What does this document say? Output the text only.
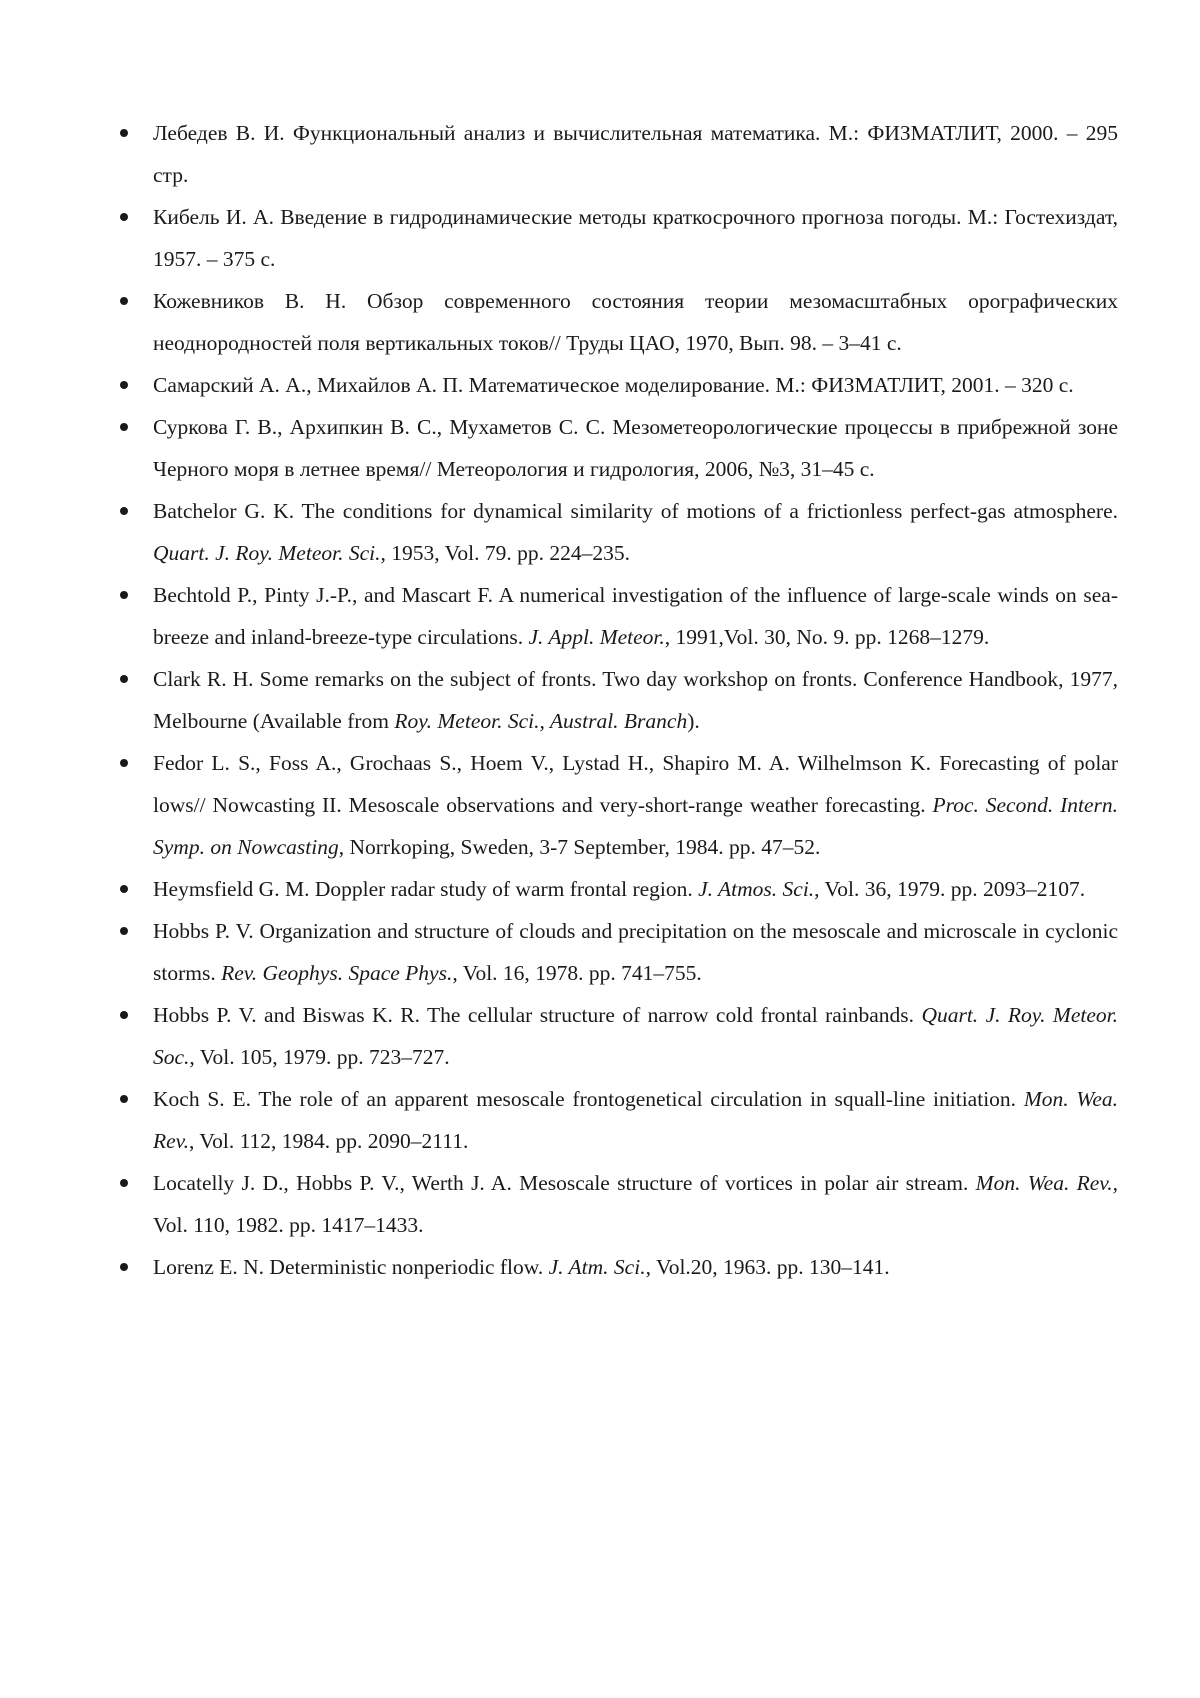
Лебедев В. И. Функциональный анализ и вычислительная математика. М.: ФИЗМАТЛИТ, 2000. – 295 стр.
Кибель И. А. Введение в гидродинамические методы краткосрочного прогноза погоды. М.: Гостехиздат, 1957. – 375 с.
Кожевников В. Н. Обзор современного состояния теории мезомасштабных орографических неоднородностей поля вертикальных токов// Труды ЦАО, 1970, Вып. 98. – 3–41 с.
Самарский А. А., Михайлов А. П. Математическое моделирование. М.: ФИЗМАТЛИТ, 2001. – 320 с.
Суркова Г. В., Архипкин В. С., Мухаметов С. С. Мезометеорологические процессы в прибрежной зоне Черного моря в летнее время// Метеорология и гидрология, 2006, №3, 31–45 с.
Batchelor G. K. The conditions for dynamical similarity of motions of a frictionless perfect-gas atmosphere. Quart. J. Roy. Meteor. Sci., 1953, Vol. 79. pp. 224–235.
Bechtold P., Pinty J.-P., and Mascart F. A numerical investigation of the influence of large-scale winds on sea-breeze and inland-breeze-type circulations. J. Appl. Meteor., 1991,Vol. 30, No. 9. pp. 1268–1279.
Clark R. H. Some remarks on the subject of fronts. Two day workshop on fronts. Conference Handbook, 1977, Melbourne (Available from Roy. Meteor. Sci., Austral. Branch).
Fedor L. S., Foss A., Grochaas S., Hoem V., Lystad H., Shapiro M. A. Wilhelmson K. Forecasting of polar lows// Nowcasting II. Mesoscale observations and very-short-range weather forecasting. Proc. Second. Intern. Symp. on Nowcasting, Norrkoping, Sweden, 3-7 September, 1984. pp. 47–52.
Heymsfield G. M. Doppler radar study of warm frontal region. J. Atmos. Sci., Vol. 36, 1979. pp. 2093–2107.
Hobbs P. V. Organization and structure of clouds and precipitation on the mesoscale and microscale in cyclonic storms. Rev. Geophys. Space Phys., Vol. 16, 1978. pp. 741–755.
Hobbs P. V. and Biswas K. R. The cellular structure of narrow cold frontal rainbands. Quart. J. Roy. Meteor. Soc., Vol. 105, 1979. pp. 723–727.
Koch S. E. The role of an apparent mesoscale frontogenetical circulation in squall-line initiation. Mon. Wea. Rev., Vol. 112, 1984. pp. 2090–2111.
Locatelly J. D., Hobbs P. V., Werth J. A. Mesoscale structure of vortices in polar air stream. Mon. Wea. Rev., Vol. 110, 1982. pp. 1417–1433.
Lorenz E. N. Deterministic nonperiodic flow. J. Atm. Sci., Vol.20, 1963. pp. 130–141.
